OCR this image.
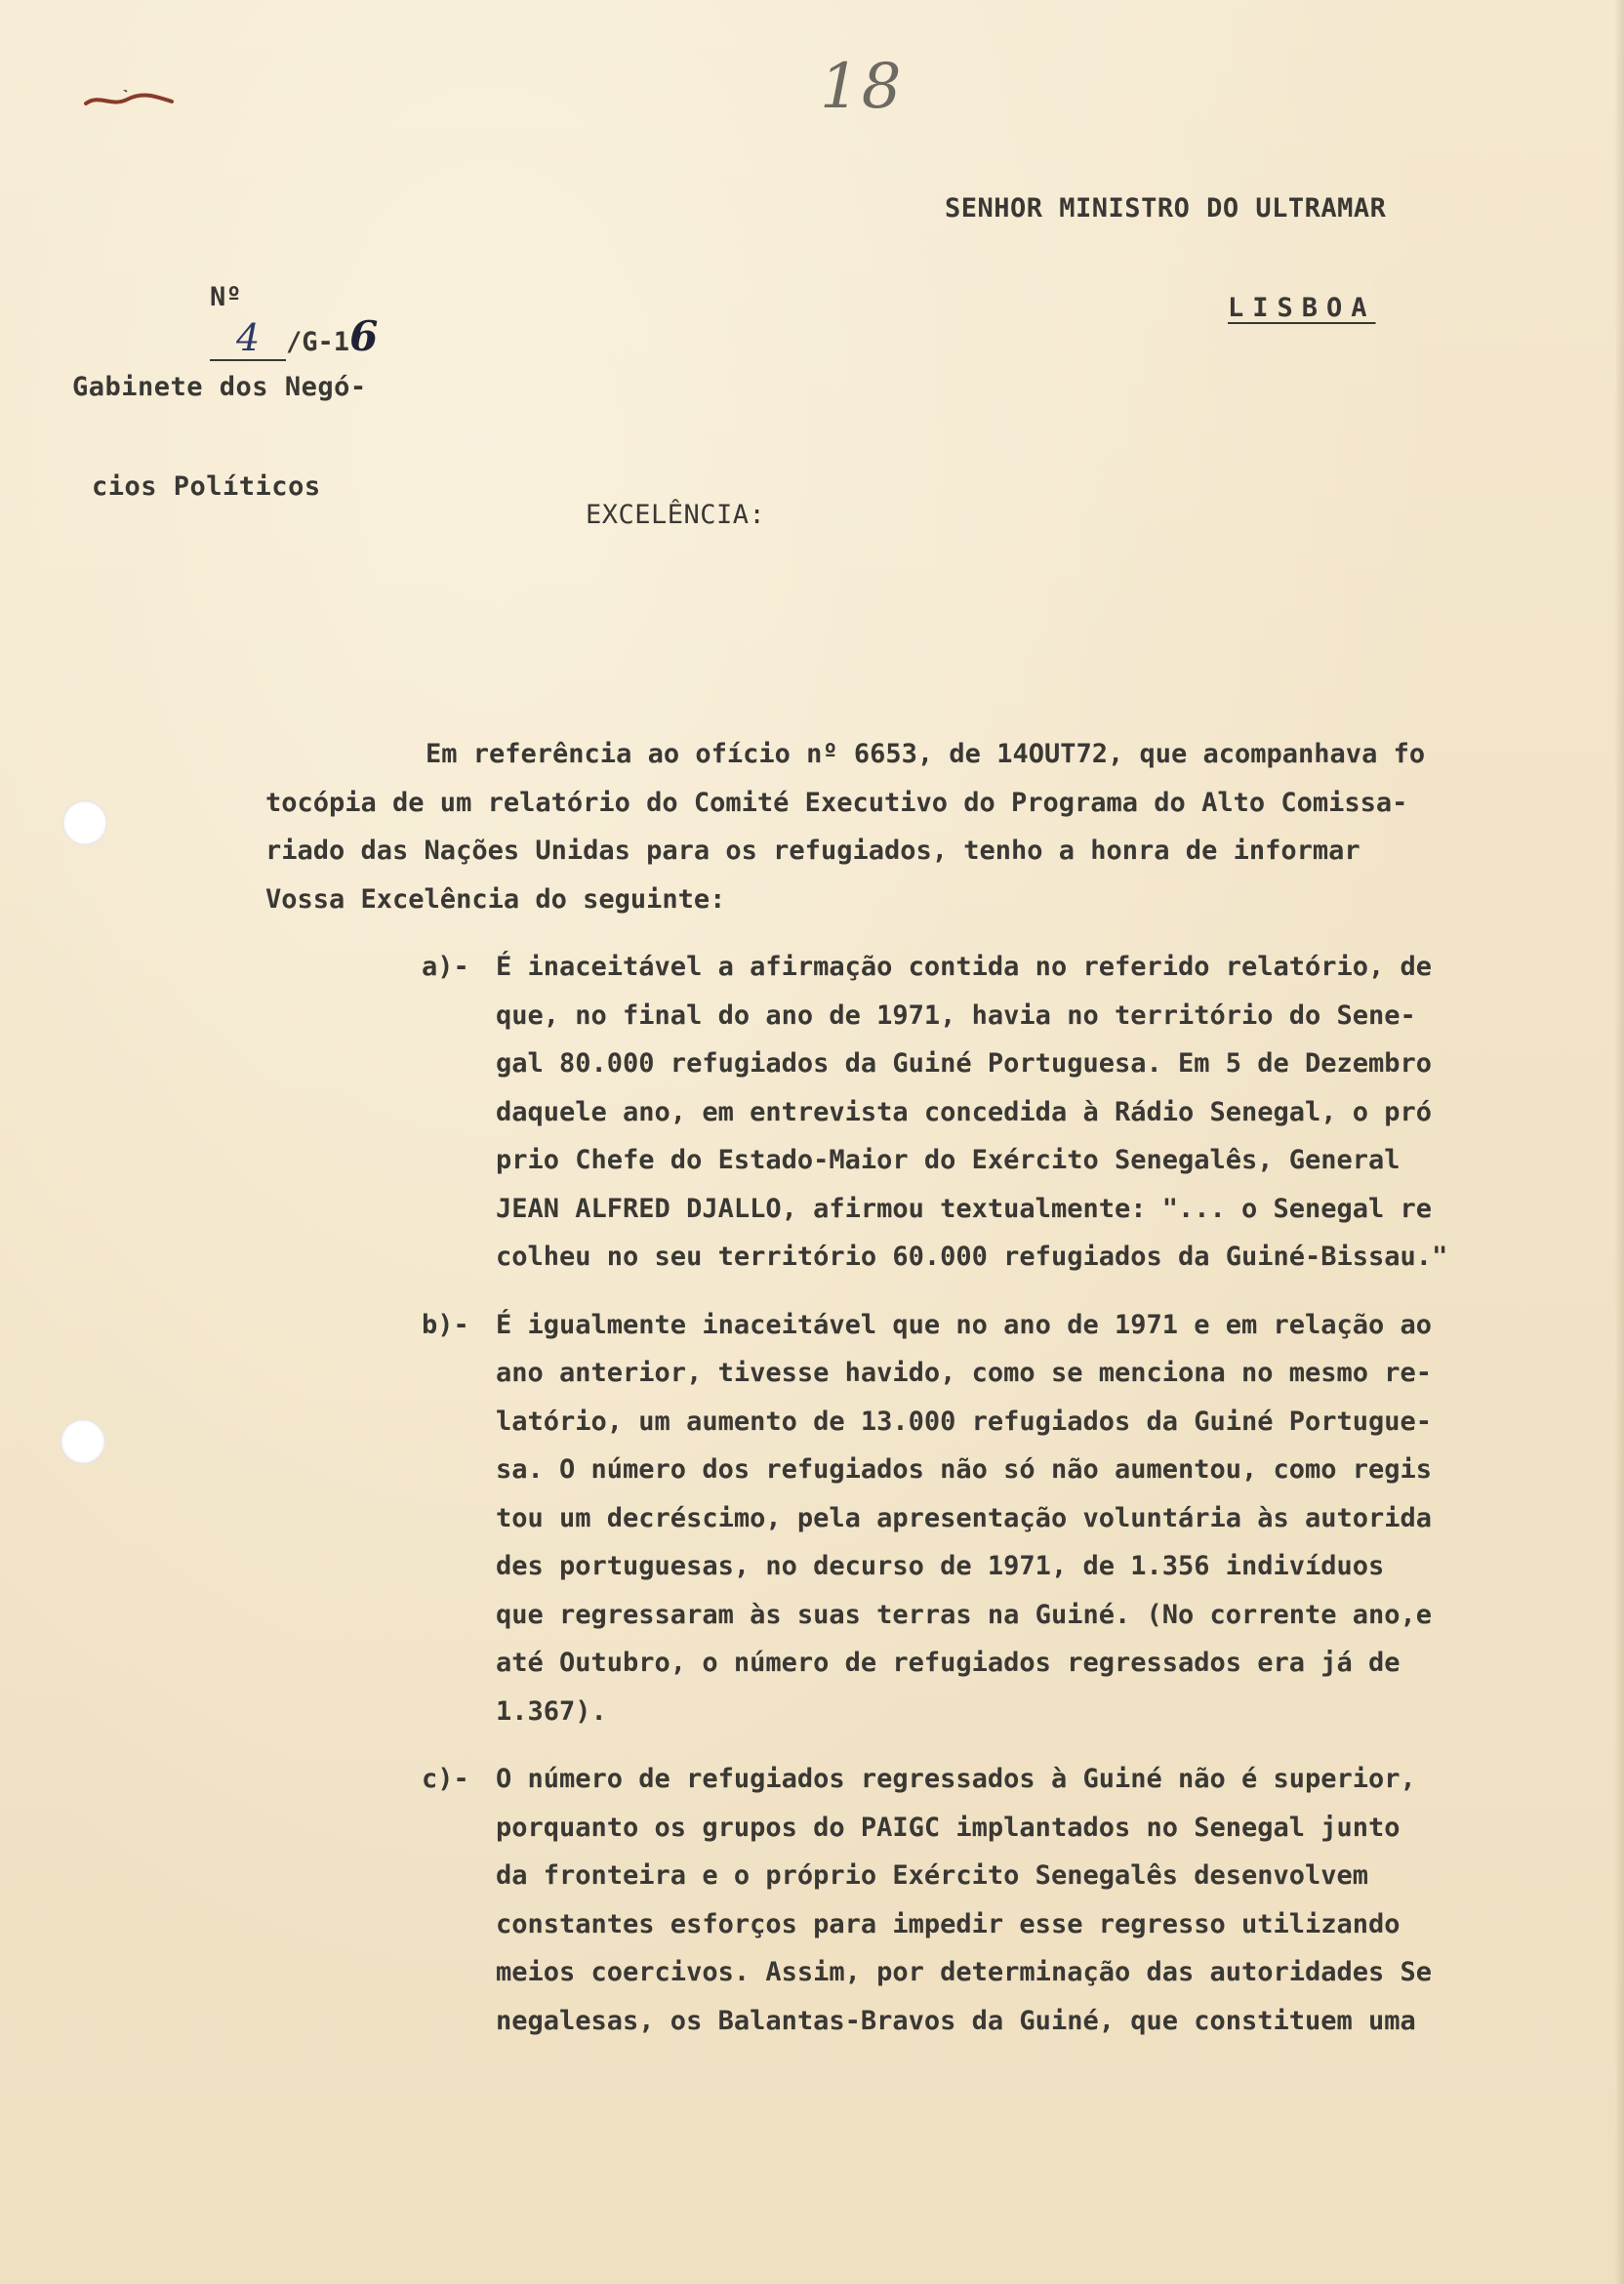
18
SENHOR MINISTRO DO ULTRAMAR
LISBOA

Nº
4 /G-16

Gabinete dos Negó-

cios Políticos

EXCELÊNCIA:
Em referência ao ofício nº 6653, de 14OUT72, que acompanhava fo
tocópia de um relatório do Comité Executivo do Programa do Alto Comissa-
riado das Nações Unidas para os refugiados, tenho a honra de informar
Vossa Excelência do seguinte:
a)- É inaceitável a afirmação contida no referido relatório, de
que, no final do ano de 1971, havia no território do Sene-
gal 80.000 refugiados da Guiné Portuguesa. Em 5 de Dezembro
daquele ano, em entrevista concedida à Rádio Senegal, o pró
prio Chefe do Estado-Maior do Exército Senegalês, General
JEAN ALFRED DJALLO, afirmou textualmente: "... o Senegal re
colheu no seu território 60.000 refugiados da Guiné-Bissau."
b)- É igualmente inaceitável que no ano de 1971 e em relação ao
ano anterior, tivesse havido, como se menciona no mesmo re-
latório, um aumento de 13.000 refugiados da Guiné Portugue-
sa. O número dos refugiados não só não aumentou, como regis
tou um decréscimo, pela apresentação voluntária às autorida
des portuguesas, no decurso de 1971, de 1.356 indivíduos
que regressaram às suas terras na Guiné. (No corrente ano,e
até Outubro, o número de refugiados regressados era já de
1.367).
c)- O número de refugiados regressados à Guiné não é superior,
porquanto os grupos do PAIGC implantados no Senegal junto
da fronteira e o próprio Exército Senegalês desenvolvem
constantes esforços para impedir esse regresso utilizando
meios coercivos. Assim, por determinação das autoridades Se
negalesas, os Balantas-Bravos da Guiné, que constituem uma
